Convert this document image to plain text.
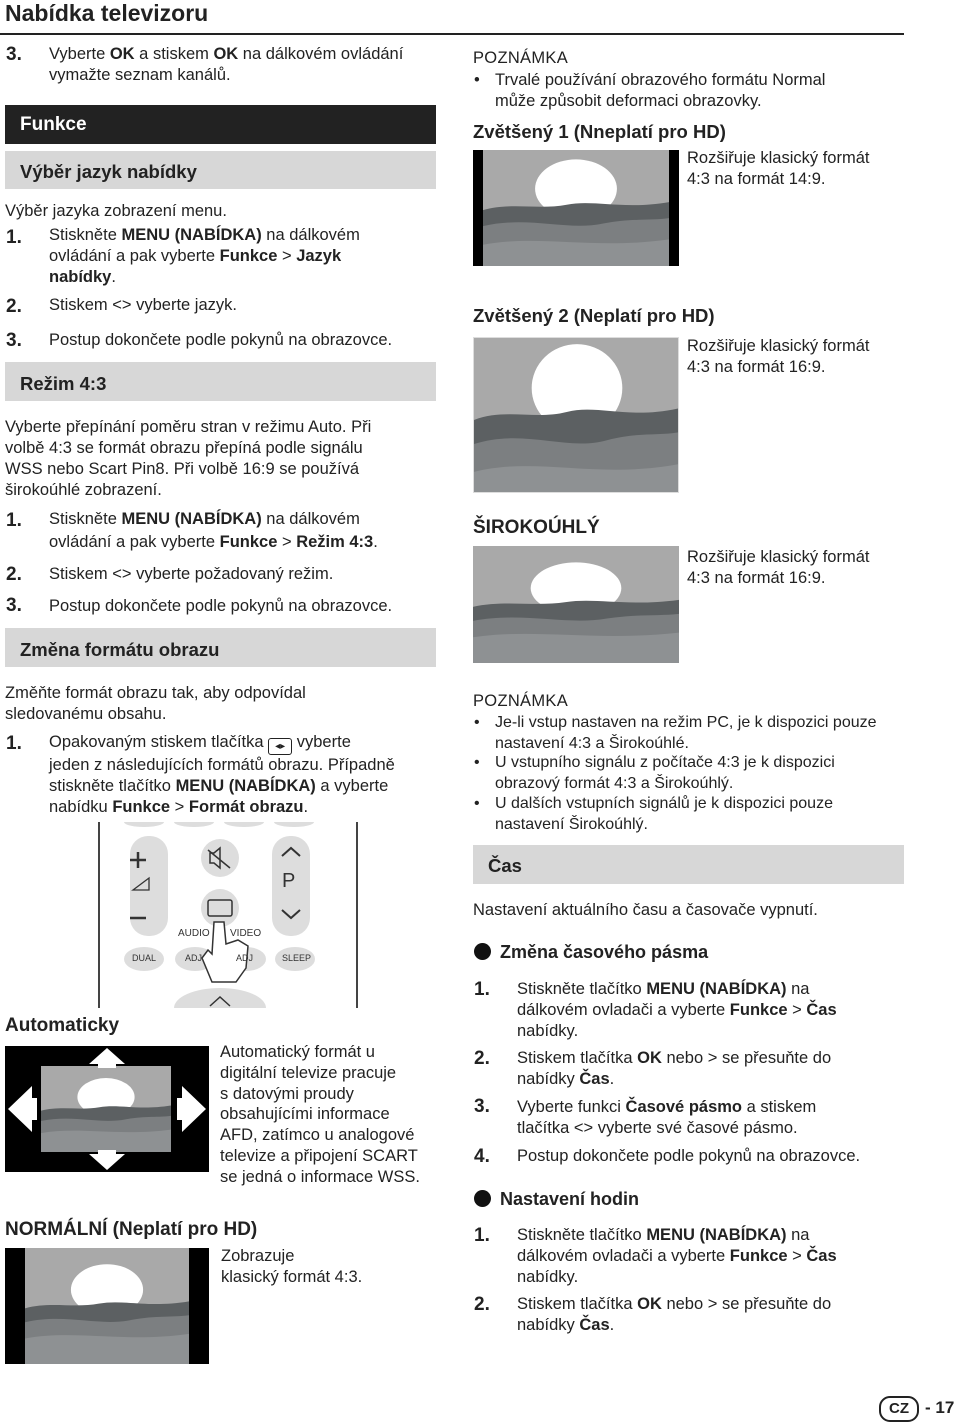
Nabídka televizoru
3. Vyberte OK a stiskem OK na dálkovém ovládání
vymažte seznam kanálů.
Funkce
Výběr jazyk nabídky
Výběr jazyka zobrazení menu.
1. Stiskněte MENU (NABÍDKA) na dálkovém
ovládání a pak vyberte Funkce > Jazyk
nabídky.
2. Stiskem <> vyberte jazyk.
3. Postup dokončete podle pokynů na obrazovce.
Režim 4:3
Vyberte přepínání poměru stran v režimu Auto. Při
volbě 4:3 se formát obrazu přepíná podle signálu
WSS nebo Scart Pin8. Při volbě 16:9 se používá
širokoúhlé zobrazení.
1. Stiskněte MENU (NABÍDKA) na dálkovém
ovládání a pak vyberte Funkce > Režim 4:3.
2. Stiskem <> vyberte požadovaný režim.
3. Postup dokončete podle pokynů na obrazovce.
Změna formátu obrazu
Změňte formát obrazu tak, aby odpovídal
sledovanému obsahu.
1. Opakovaným stiskem tlačítka ◂▸ vyberte
jeden z následujících formátů obrazu. Případně
stiskněte tlačítko MENU (NABÍDKA) a vyberte
nabídku Funkce > Formát obrazu.
P
AUDIO VIDEO
DUAL	ADJ	ADJ	SLEEP
Automaticky
Automatický formát u
digitální televize pracuje
s datovými proudy
obsahujícími informace
AFD, zatímco u analogové
televize a připojení SCART
se jedná o informace WSS.
NORMÁLNÍ (Neplatí pro HD)
Zobrazuje
klasický formát 4:3.
POZNÁMKA
• Trvalé používání obrazového formátu Normal
může způsobit deformaci obrazovky.
Zvětšený 1 (Nneplatí pro HD)
Rozšiřuje klasický formát
4:3 na formát 14:9.
Zvětšený 2 (Neplatí pro HD)
Rozšiřuje klasický formát
4:3 na formát 16:9.
ŠIROKOÚHLÝ
Rozšiřuje klasický formát
4:3 na formát 16:9.
POZNÁMKA
• Je-li vstup nastaven na režim PC, je k dispozici pouze
nastavení 4:3 a Širokoúhlé.
• U vstupního signálu z počítače 4:3 je k dispozici
obrazový formát 4:3 a Širokoúhlý.
• U dalších vstupních signálů je k dispozici pouze
nastavení Širokoúhlý.
Čas
Nastavení aktuálního času a časovače vypnutí.
Změna časového pásma
1. Stiskněte tlačítko MENU (NABÍDKA) na
dálkovém ovladači a vyberte Funkce > Čas
nabídky.
2. Stiskem tlačítka OK nebo > se přesuňte do
nabídky Čas.
3. Vyberte funkci Časové pásmo a stiskem
tlačítka <> vyberte své časové pásmo.
4. Postup dokončete podle pokynů na obrazovce.
Nastavení hodin
1. Stiskněte tlačítko MENU (NABÍDKA) na
dálkovém ovladači a vyberte Funkce > Čas
nabídky.
2. Stiskem tlačítka OK nebo > se přesuňte do
nabídky Čas.
CZ - 17
